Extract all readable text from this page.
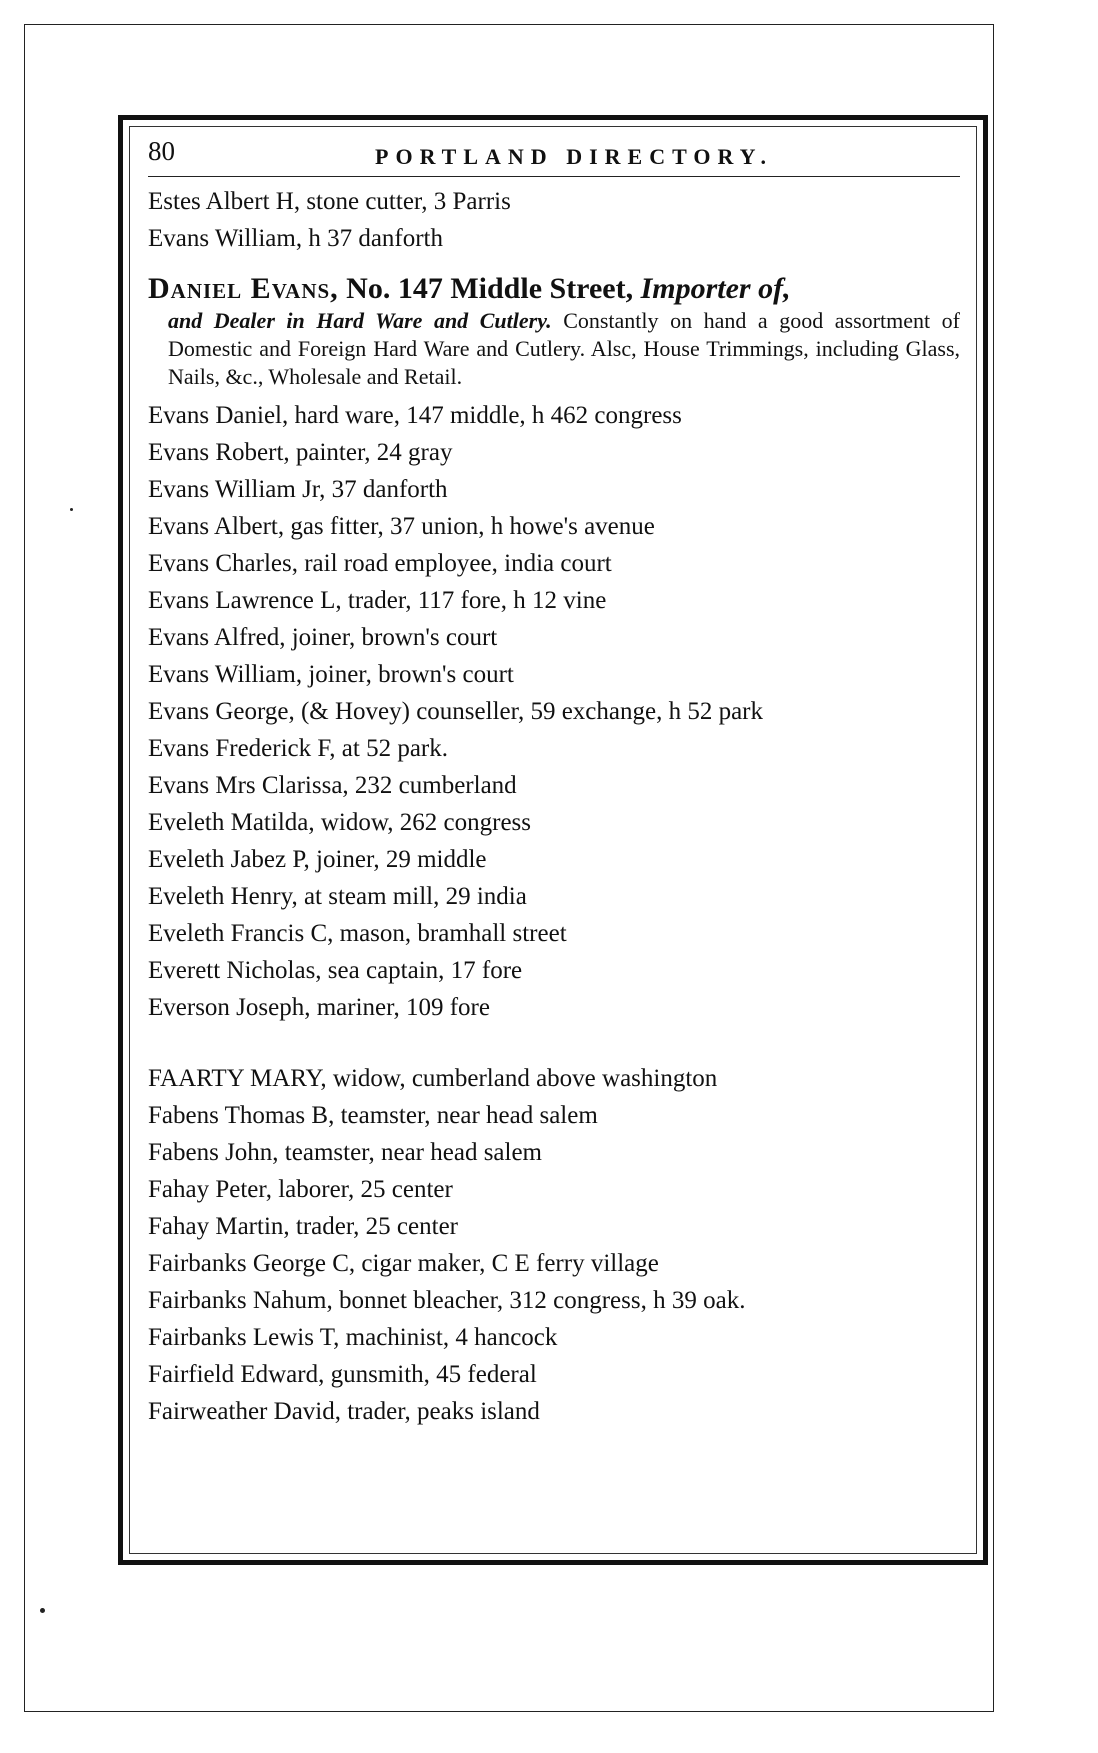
80	PORTLAND DIRECTORY.
Estes Albert H, stone cutter, 3 Parris
Evans William, h 37 danforth
Daniel Evans, No. 147 Middle Street, Importer of,
and Dealer in Hard Ware and Cutlery. Constantly on hand a good assortment of Domestic and Foreign Hard Ware and Cutlery. Alsc, House Trimmings, including Glass, Nails, &c., Wholesale and Retail.
Evans Daniel, hard ware, 147 middle, h 462 congress
Evans Robert, painter, 24 gray
Evans William Jr, 37 danforth
Evans Albert, gas fitter, 37 union, h howe's avenue
Evans Charles, rail road employee, india court
Evans Lawrence L, trader, 117 fore, h 12 vine
Evans Alfred, joiner, brown's court
Evans William, joiner, brown's court
Evans George, (& Hovey) counseller, 59 exchange, h 52 park
Evans Frederick F, at 52 park.
Evans Mrs Clarissa, 232 cumberland
Eveleth Matilda, widow, 262 congress
Eveleth Jabez P, joiner, 29 middle
Eveleth Henry, at steam mill, 29 india
Eveleth Francis C, mason, bramhall street
Everett Nicholas, sea captain, 17 fore
Everson Joseph, mariner, 109 fore
FAARTY MARY, widow, cumberland above washington
Fabens Thomas B, teamster, near head salem
Fabens John, teamster, near head salem
Fahay Peter, laborer, 25 center
Fahay Martin, trader, 25 center
Fairbanks George C, cigar maker, C E ferry village
Fairbanks Nahum, bonnet bleacher, 312 congress, h 39 oak.
Fairbanks Lewis T, machinist, 4 hancock
Fairfield Edward, gunsmith, 45 federal
Fairweather David, trader, peaks island
